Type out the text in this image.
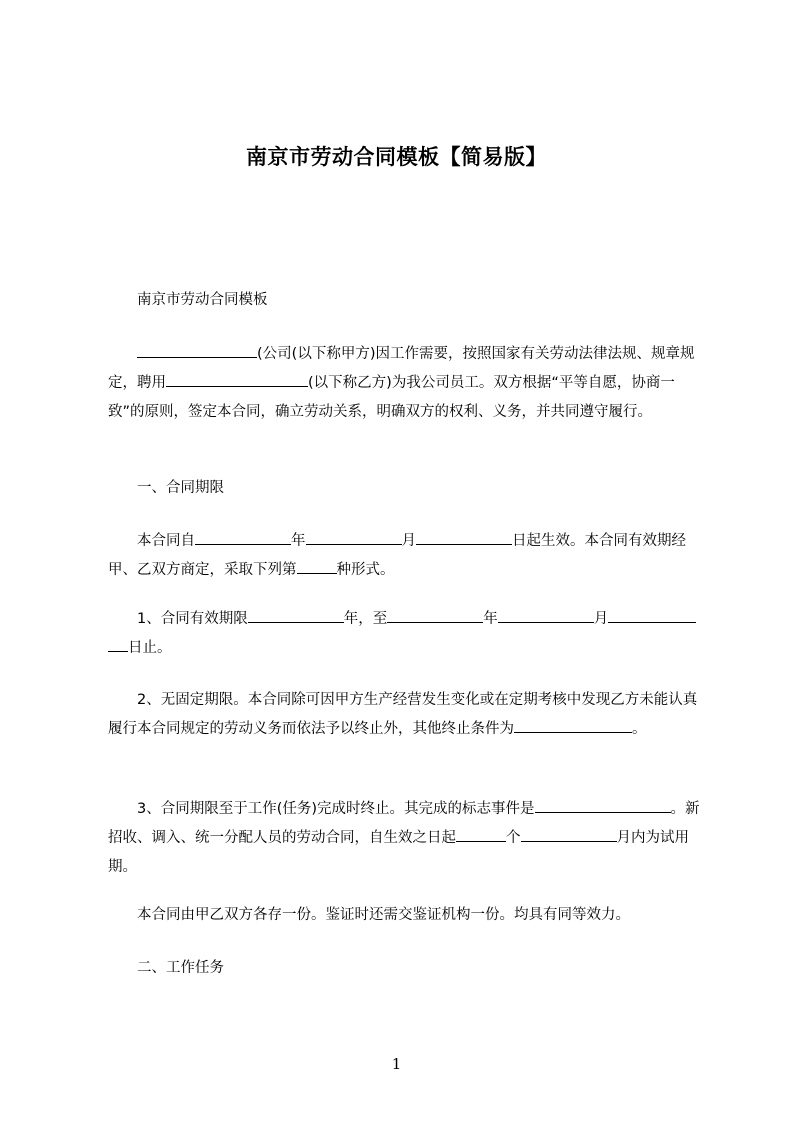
南京市劳动合同模板【简易版】

南京市劳动合同模板

(公司(以下称甲方)因工作需要，按照国家有关劳动法律法规、规章规定，聘用	(以下称乙方)为我公司员工。双方根据“平等自愿，协商一致”的原则，签定本合同，确立劳动关系，明确双方的权利、义务，并共同遵守履行。

一、合同期限

本合同自	年	月	日起生效。本合同有效期经甲、乙双方商定，采取下列第	种形式。

1、合同有效期限	年，至	年	月日止。

2、无固定期限。本合同除可因甲方生产经营发生变化或在定期考核中发现乙方未能认真履行本合同规定的劳动义务而依法予以终止外，其他终止条件为	。

3、合同期限至于工作(任务)完成时终止。其完成的标志事件是	。新招收、调入、统一分配人员的劳动合同，自生效之日起	个	月内为试用期。

本合同由甲乙双方各存一份。鉴证时还需交鉴证机构一份。均具有同等效力。

二、工作任务

1
